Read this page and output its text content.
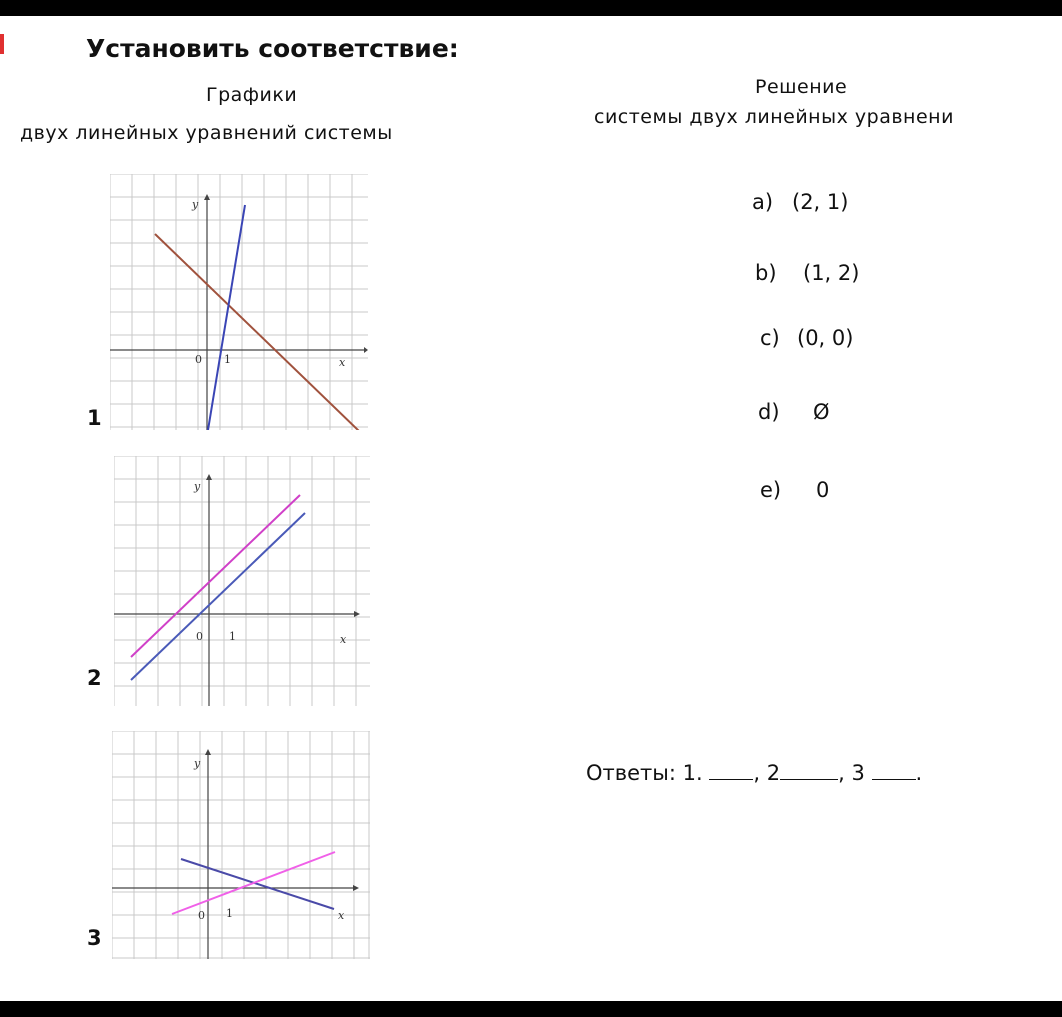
Установить соответствие:
Графики
двух линейных уравнений системы
Решение
системы двух линейных уравнени
y
x
0 1
1
y
x
0 1
2
y
x
0 1
3
a) (2, 1)
b) (1, 2)
c) (0, 0)
d) Ø
e) 0
Ответы: 1. , 2	, 3 .
